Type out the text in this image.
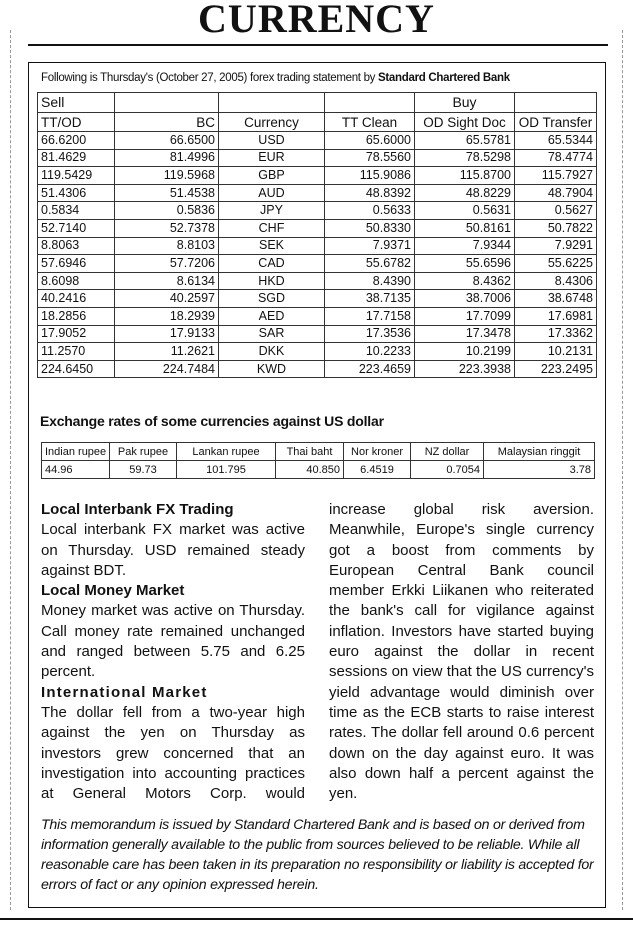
CURRENCY
Following is Thursday's (October 27, 2005) forex trading statement by Standard Chartered Bank
Sell				Buy	
TT/OD	BC	Currency	TT Clean	OD Sight Doc	OD Transfer
66.6200	66.6500	USD	65.6000	65.5781	65.5344
81.4629	81.4996	EUR	78.5560	78.5298	78.4774
119.5429	119.5968	GBP	115.9086	115.8700	115.7927
51.4306	51.4538	AUD	48.8392	48.8229	48.7904
0.5834	0.5836	JPY	0.5633	0.5631	0.5627
52.7140	52.7378	CHF	50.8330	50.8161	50.7822
8.8063	8.8103	SEK	7.9371	7.9344	7.9291
57.6946	57.7206	CAD	55.6782	55.6596	55.6225
8.6098	8.6134	HKD	8.4390	8.4362	8.4306
40.2416	40.2597	SGD	38.7135	38.7006	38.6748
18.2856	18.2939	AED	17.7158	17.7099	17.6981
17.9052	17.9133	SAR	17.3536	17.3478	17.3362
11.2570	11.2621	DKK	10.2233	10.2199	10.2131
224.6450	224.7484	KWD	223.4659	223.3938	223.2495
Exchange rates of some currencies against US dollar
Indian rupee	Pak rupee	Lankan rupee	Thai baht	Nor kroner	NZ dollar	Malaysian ringgit
44.96	59.73	101.795	40.850	6.4519	0.7054	3.78

Local Interbank FX Trading

Local interbank FX market was active on Thursday. USD remained steady against BDT.

Local Money Market

Money market was active on Thursday. Call money rate remained unchanged and ranged between 5.75 and 6.25 percent.

International Market

The dollar fell from a two-year high against the yen on Thursday as investors grew concerned that an investigation into accounting practices at General Motors Corp. would

increase global risk aversion. Meanwhile, Europe's single currency got a boost from comments by European Central Bank council member Erkki Liikanen who reiterated the bank's call for vigilance against inflation. Investors have started buying euro against the dollar in recent sessions on view that the US currency's yield advantage would diminish over time as the ECB starts to raise interest rates. The dollar fell around 0.6 percent down on the day against euro. It was also down half a percent against the yen.

This memorandum is issued by Standard Chartered Bank and is based on or derived from information generally available to the public from sources believed to be reliable. While all reasonable care has been taken in its preparation no responsibility or liability is accepted for errors of fact or any opinion expressed herein.
